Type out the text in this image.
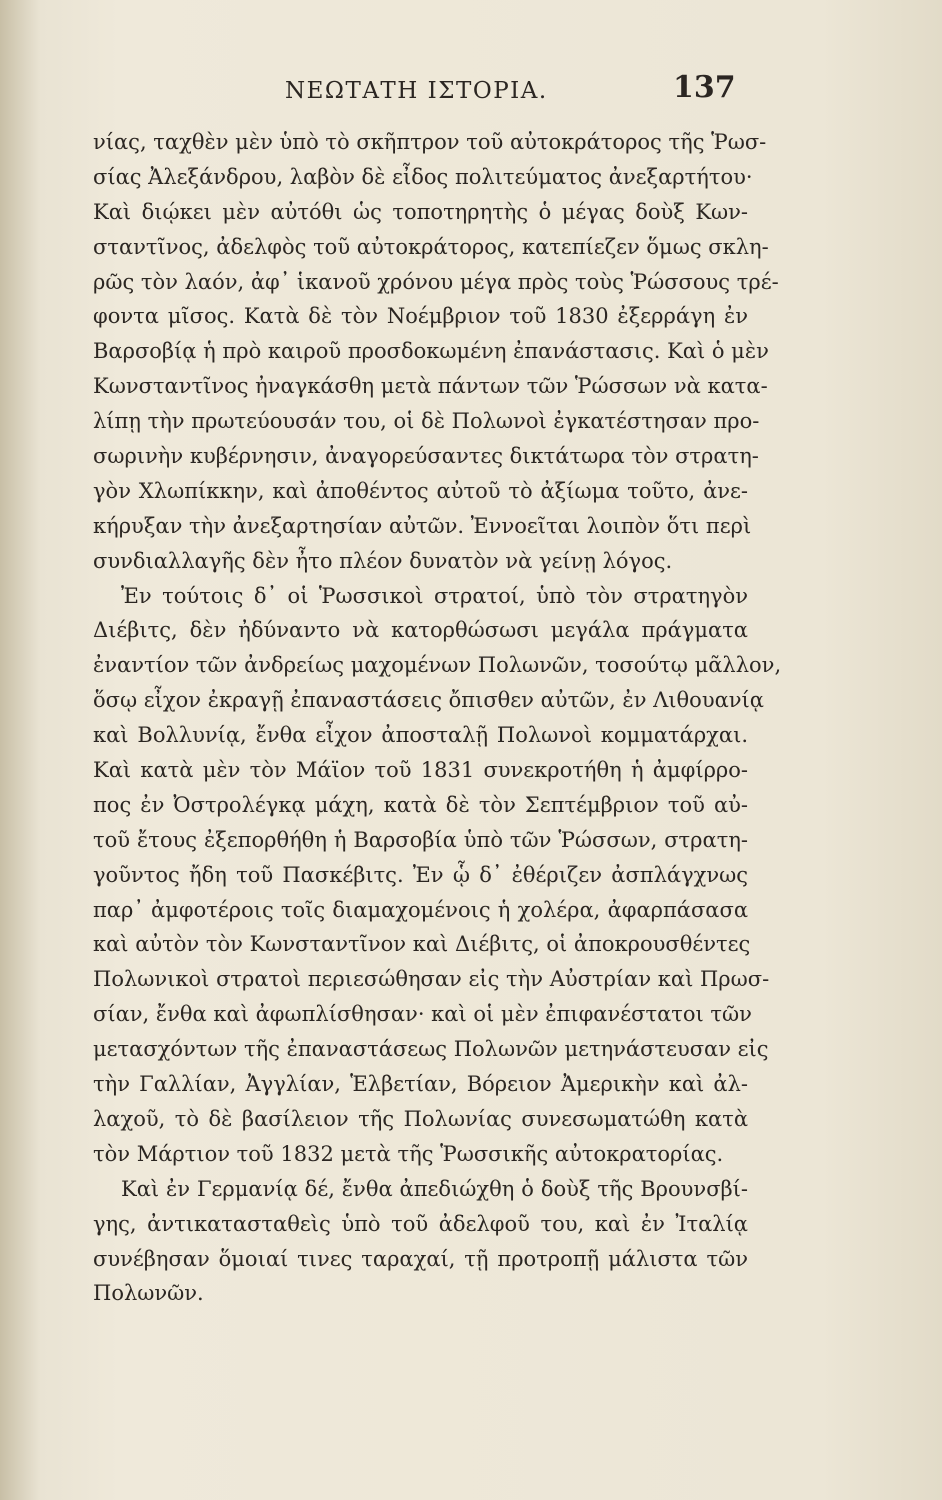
ΝΕΩΤΑΤΗ ΙΣΤΟΡΙΑ.	137
νίας, ταχθὲν μὲν ὑπὸ τὸ σκῆπτρον τοῦ αὐτοκράτορος τῆς Ῥωσ-
σίας Ἀλεξάνδρου, λαβὸν δὲ εἶδος πολιτεύματος ἀνεξαρτήτου·
Καὶ διῴκει μὲν αὐτόθι ὡς τοποτηρητὴς ὁ μέγας δοὺξ Κων-
σταντῖνος, ἀδελφὸς τοῦ αὐτοκράτορος, κατεπίεζεν ὅμως σκλη-
ρῶς τὸν λαόν, ἀφ᾽ ἱκανοῦ χρόνου μέγα πρὸς τοὺς Ῥώσσους τρέ-
φοντα μῖσος. Κατὰ δὲ τὸν Νοέμβριον τοῦ 1830 ἐξερράγη ἐν
Βαρσοβίᾳ ἡ πρὸ καιροῦ προσδοκωμένη ἐπανάστασις. Καὶ ὁ μὲν
Κωνσταντῖνος ἠναγκάσθη μετὰ πάντων τῶν Ῥώσσων νὰ κατα-
λίπῃ τὴν πρωτεύουσάν του, οἱ δὲ Πολωνοὶ ἐγκατέστησαν προ-
σωρινὴν κυβέρνησιν, ἀναγορεύσαντες δικτάτωρα τὸν στρατη-
γὸν Χλωπίκκην, καὶ ἀποθέντος αὐτοῦ τὸ ἀξίωμα τοῦτο, ἀνε-
κήρυξαν τὴν ἀνεξαρτησίαν αὐτῶν. Ἐννοεῖται λοιπὸν ὅτι περὶ
συνδιαλλαγῆς δὲν ἦτο πλέον δυνατὸν νὰ γείνῃ λόγος.
Ἐν τούτοις δ᾽ οἱ Ῥωσσικοὶ στρατοί, ὑπὸ τὸν στρατηγὸν
Διέβιτς, δὲν ἠδύναντο νὰ κατορθώσωσι μεγάλα πράγματα
ἐναντίον τῶν ἀνδρείως μαχομένων Πολωνῶν, τοσούτῳ μᾶλλον,
ὅσῳ εἶχον ἐκραγῇ ἐπαναστάσεις ὄπισθεν αὐτῶν, ἐν Λιθουανίᾳ
καὶ Βολλυνίᾳ, ἔνθα εἶχον ἀποσταλῇ Πολωνοὶ κομματάρχαι.
Καὶ κατὰ μὲν τὸν Μάϊον τοῦ 1831 συνεκροτήθη ἡ ἀμφίρρο-
πος ἐν Ὀστρολέγκᾳ μάχη, κατὰ δὲ τὸν Σεπτέμβριον τοῦ αὐ-
τοῦ ἔτους ἐξεπορθήθη ἡ Βαρσοβία ὑπὸ τῶν Ῥώσσων, στρατη-
γοῦντος ἤδη τοῦ Πασκέβιτς. Ἐν ᾧ δ᾽ ἐθέριζεν ἀσπλάγχνως
παρ᾽ ἀμφοτέροις τοῖς διαμαχομένοις ἡ χολέρα, ἀφαρπάσασα
καὶ αὐτὸν τὸν Κωνσταντῖνον καὶ Διέβιτς, οἱ ἀποκρουσθέντες
Πολωνικοὶ στρατοὶ περιεσώθησαν εἰς τὴν Αὐστρίαν καὶ Πρωσ-
σίαν, ἔνθα καὶ ἀφωπλίσθησαν· καὶ οἱ μὲν ἐπιφανέστατοι τῶν
μετασχόντων τῆς ἐπαναστάσεως Πολωνῶν μετηνάστευσαν εἰς
τὴν Γαλλίαν, Ἀγγλίαν, Ἑλβετίαν, Βόρειον Ἀμερικὴν καὶ ἀλ-
λαχοῦ, τὸ δὲ βασίλειον τῆς Πολωνίας συνεσωματώθη κατὰ
τὸν Μάρτιον τοῦ 1832 μετὰ τῆς Ῥωσσικῆς αὐτοκρατορίας.
Καὶ ἐν Γερμανίᾳ δέ, ἔνθα ἀπεδιώχθη ὁ δοὺξ τῆς Βρουνσβί-
γης, ἀντικατασταθεὶς ὑπὸ τοῦ ἀδελφοῦ του, καὶ ἐν Ἰταλίᾳ
συνέβησαν ὅμοιαί τινες ταραχαί, τῇ προτροπῇ μάλιστα τῶν
Πολωνῶν.
